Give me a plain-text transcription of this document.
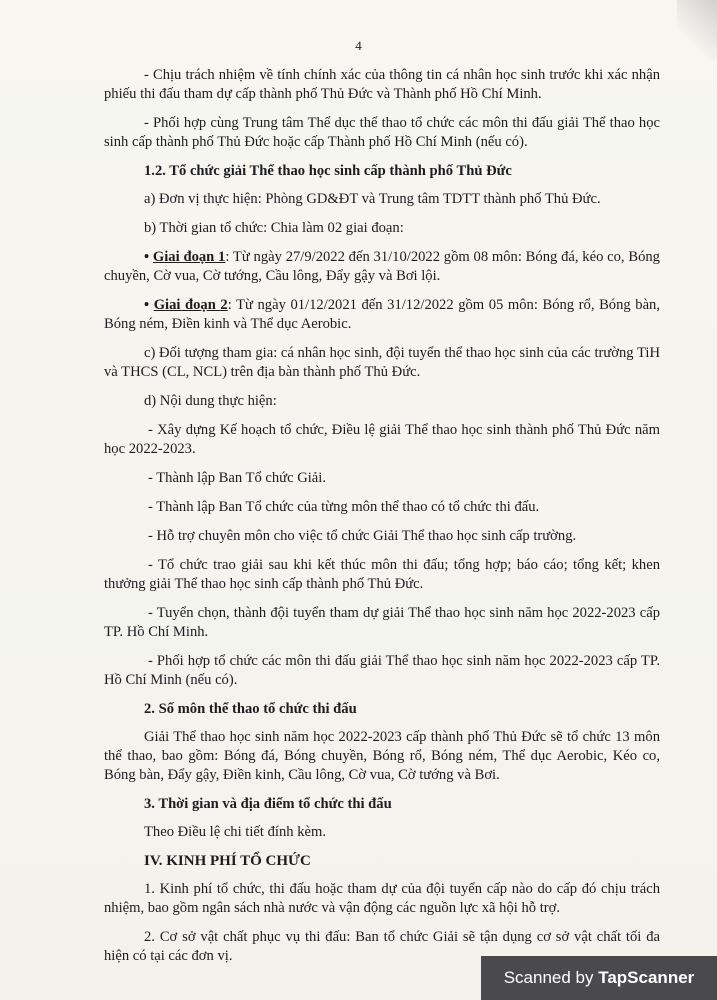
4

- Chịu trách nhiệm về tính chính xác của thông tin cá nhân học sinh trước khi xác nhận phiếu thi đấu tham dự cấp thành phố Thủ Đức và Thành phố Hồ Chí Minh.

- Phối hợp cùng Trung tâm Thể dục thể thao tổ chức các môn thi đấu giải Thể thao học sinh cấp thành phố Thủ Đức hoặc cấp Thành phố Hồ Chí Minh (nếu có).

1.2. Tổ chức giải Thể thao học sinh cấp thành phố Thủ Đức

a) Đơn vị thực hiện: Phòng GD&ĐT và Trung tâm TDTT thành phố Thủ Đức.

b) Thời gian tổ chức: Chia làm 02 giai đoạn:

• Giai đoạn 1: Từ ngày 27/9/2022 đến 31/10/2022 gồm 08 môn: Bóng đá, kéo co, Bóng chuyền, Cờ vua, Cờ tướng, Cầu lông, Đẩy gậy và Bơi lội.

• Giai đoạn 2: Từ ngày 01/12/2021 đến 31/12/2022 gồm 05 môn: Bóng rổ, Bóng bàn, Bóng ném, Điền kinh và Thể dục Aerobic.

c) Đối tượng tham gia: cá nhân học sinh, đội tuyển thể thao học sinh của các trường TiH và THCS (CL, NCL) trên địa bàn thành phố Thủ Đức.

d) Nội dung thực hiện:

- Xây dựng Kế hoạch tổ chức, Điều lệ giải Thể thao học sinh thành phố Thủ Đức năm học 2022-2023.

- Thành lập Ban Tổ chức Giải.

- Thành lập Ban Tổ chức của từng môn thể thao có tổ chức thi đấu.

- Hỗ trợ chuyên môn cho việc tổ chức Giải Thể thao học sinh cấp trường.

- Tổ chức trao giải sau khi kết thúc môn thi đấu; tổng hợp; báo cáo; tổng kết; khen thưởng giải Thể thao học sinh cấp thành phố Thủ Đức.

- Tuyển chọn, thành đội tuyển tham dự giải Thể thao học sinh năm học 2022-2023 cấp TP. Hồ Chí Minh.

- Phối hợp tổ chức các môn thi đấu giải Thể thao học sinh năm học 2022-2023 cấp TP. Hồ Chí Minh (nếu có).

2. Số môn thể thao tổ chức thi đấu

Giải Thể thao học sinh năm học 2022-2023 cấp thành phố Thủ Đức sẽ tổ chức 13 môn thể thao, bao gồm: Bóng đá, Bóng chuyền, Bóng rổ, Bóng ném, Thể dục Aerobic, Kéo co, Bóng bàn, Đẩy gậy, Điền kinh, Cầu lông, Cờ vua, Cờ tướng và Bơi.

3. Thời gian và địa điểm tổ chức thi đấu

Theo Điều lệ chi tiết đính kèm.

IV. KINH PHÍ TỔ CHỨC

1. Kinh phí tổ chức, thi đấu hoặc tham dự của đội tuyển cấp nào do cấp đó chịu trách nhiệm, bao gồm ngân sách nhà nước và vận động các nguồn lực xã hội hỗ trợ.

2. Cơ sở vật chất phục vụ thi đấu: Ban tổ chức Giải sẽ tận dụng cơ sở vật chất tối đa hiện có tại các đơn vị.

Scanned by TapScanner
